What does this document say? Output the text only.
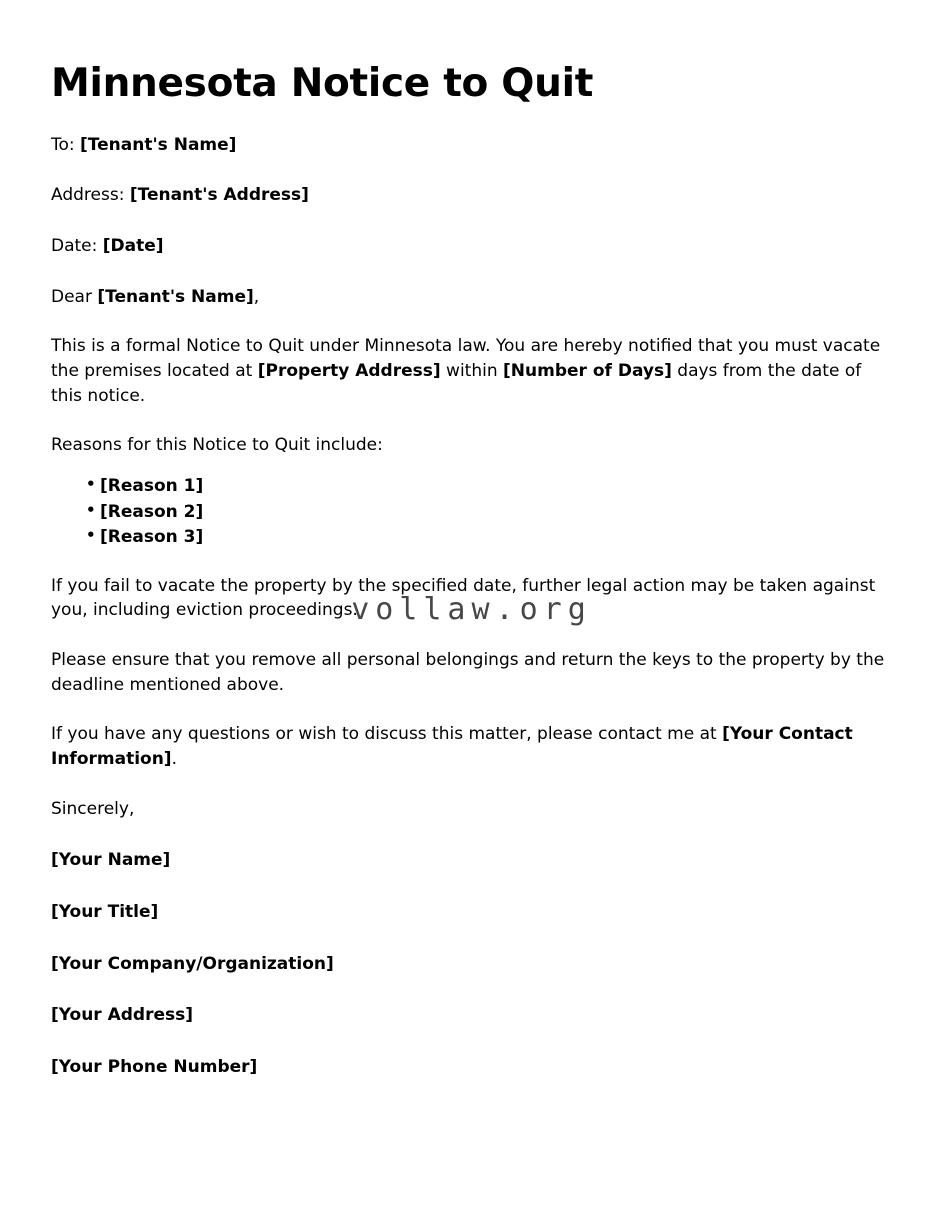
Minnesota Notice to Quit
To: [Tenant's Name]
Address: [Tenant's Address]
Date: [Date]
Dear [Tenant's Name],

This is a formal Notice to Quit under Minnesota law. You are hereby notified that you must vacate the premises located at [Property Address] within [Number of Days] days from the date of this notice.

Reasons for this Notice to Quit include:

• [Reason 1]
• [Reason 2]
• [Reason 3]

If you fail to vacate the property by the specified date, further legal action may be taken against you, including eviction proceedings.

Please ensure that you remove all personal belongings and return the keys to the property by the deadline mentioned above.

If you have any questions or wish to discuss this matter, please contact me at [Your Contact Information].

Sincerely,

[Your Name]
[Your Title]
[Your Company/Organization]
[Your Address]
[Your Phone Number]
vollaw.org
